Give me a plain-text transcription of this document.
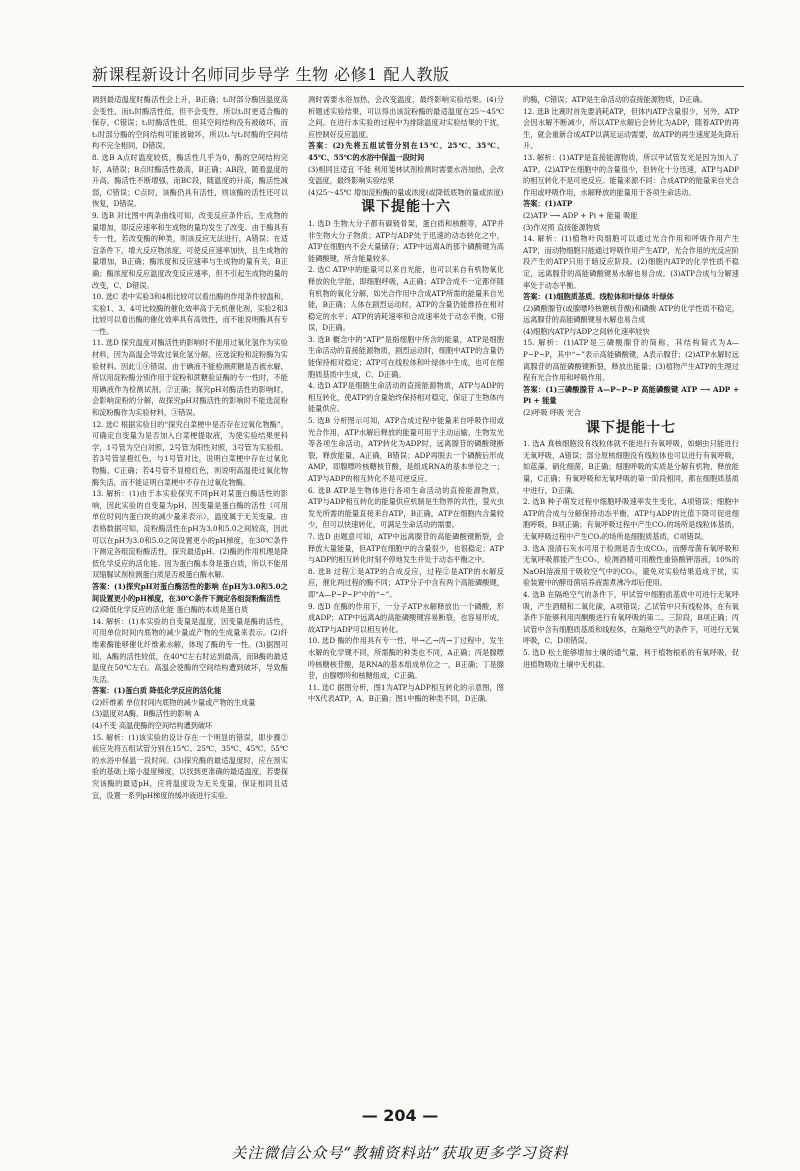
新课程新设计名师同步导学 生物 必修1 配人教版

调到最适温度时酶活性会上升，B正确；t₂时部分酶因温度高会变性，而t₁时酶活性低，但不会变性，所以t₁时更适合酶的保存，C错误；t₁时酶活性低，但其空间结构没有被破坏，而t₂时部分酶的空间结构可能被破坏，所以t₁与t₂时酶的空间结构不完全相同，D错误。

8. 选B A点时温度较低，酶活性几乎为0，酶的空间结构完好，A错误；B点时酶活性最高，B正确；AB段，随着温度的升高，酶活性不断增强，而BC段，随温度的升高，酶活性减弱，C错误；C点时，该酶仍具有活性，则该酶的活性还可以恢复，D错误。

9. 选B 对比图中两条曲线可知，改变反应条件后，生成物的量增加，即反应速率和生成物的量均发生了改变。由于酶具有专一性，若改变酶的种类，则该反应无法进行，A错误；在适宜条件下，增大反应物浓度，可使反应速率加快，且生成物的量增加，B正确；酶浓度和反应速率与生成物的量有关，B正确；酶浓度和反应温度改变反应速率，但不引起生成物的量的改变，C、D错误。

10. 选C 表中实验3和4相比较可以看出酶的作用条件较温和，实验1、3、4可比较酶的催化效率高于无机催化剂，实验2和3比较可以看出酶的催化效率具有高效性，而不能说明酶具有专一性。

11. 选D 探究温度对酶活性的影响时不能用过氧化氢作为实验材料，因为高温会导致过氧化氢分解，应选淀粉和淀粉酶为实验材料。因此①④错误。由于碘液不能检测蔗糖是否被水解，所以用淀粉酶分别作用于淀粉和蔗糖验证酶的专一性时，不能用碘液作为检测试剂。②正确；探究pH对酶活性的影响时，会影响淀粉的分解，故探究pH对酶活性的影响时不能选淀粉和淀粉酶作为实验材料，③错误。

12. 选C 根据实验目的“探究白菜梗中是否存在过氧化物酶”，可确定自变量为是否加入白菜梗提取液，为使实验结果更科学，1号管为空白对照，2号管为阳性对照，3号管为实验组。若3号管显橙红色，与1号管对比，说明白菜梗中存在过氧化物酶，C正确；若4号管不显橙红色，则说明高温使过氧化物酶失活，而不能证明白菜梗中不存在过氧化物酶。

13. 解析：(1)由于本实验探究不同pH对某蛋白酶活性的影响，因此实验的自变量为pH，因变量是蛋白酶的活性（可用单位时间内蛋白块的减少量来表示），温度属于无关变量。由表格数据可知，淀粉酶活性在pH为3.0和5.0之间较高，因此可以在pH为3.0和5.0之间设置更小的pH梯度，在30℃条件下测定各组淀粉酶活性，探究最适pH。(2)酶的作用机理是降低化学反应的活化能。因为蛋白酶本身是蛋白质，所以不能用双缩脲试剂检测蛋白质是否被蛋白酶水解。

答案：(1)探究pH对蛋白酶活性的影响 在pH为3.0和5.0之间设置更小的pH梯度，在30℃条件下测定各组淀粉酶活性

(2)降低化学反应的活化能 蛋白酶的本质是蛋白质

14. 解析：(1)本实验的自变量是温度，因变量是酶的活性，可用单位时间内底物的减少量或产物的生成量来表示。(2)纤维素酶能够催化纤维素水解，体现了酶的专一性。(3)据图可知，A酶的活性较低，在40℃左右时达到最高，而B酶的最适温度在50℃左右。高温会使酶的空间结构遭到破坏，导致酶失活。

答案：(1)蛋白质 降低化学反应的活化能

(2)纤维素 单位时间内底物的减少量或产物的生成量

(3)温度对A酶、B酶活性的影响 A

(4)不变 高温使酶的空间结构遭到破坏

15. 解析：(1)该实验的设计存在一个明显的错误，即步骤②前应先将五组试管分别在15℃、25℃、35℃、45℃、55℃的水浴中保温一段时间。(3)探究酶的最适温度时，应在预实验的基础上缩小温度梯度，以找到更准确的最适温度，若要探究该酶的最适pH，应将温度设为无关变量，保证相同且适宜，设置一系列pH梯度的缓冲液进行实验。

测时需要水浴加热，会改变温度，最终影响实验结果。(4)分析题述实验结果，可以得出该淀粉酶的最适温度在25～45℃之间。在进行本实验的过程中为排除温度对实验结果的干扰，应控制好反应温度。

答案：(2)先将五组试管分别在15℃、25℃、35℃、45℃、55℃的水浴中保温一段时间

(3)相同且适宜 不能 利用斐林试剂检测时需要水浴加热，会改变温度，最终影响实验结果

(4)25～45℃ 增加淀粉酶的量或浓度(或降低底物的量或浓度)

课下提能十六

1. 选D 生物大分子都有碳链骨架，蛋白质和核酸等，ATP并非生物大分子物质；ATP与ADP处于迅速的动态转化之中，ATP在细胞内不会大量储存；ATP中远离A的那个磷酸键为高能磷酸键，所含能量较多。

2. 选C ATP中的能量可以来自光能，也可以来自有机物氧化释放的化学能，即细胞呼吸，A正确；ATP合成不一定都伴随有机物的氧化分解，如光合作用中合成ATP所需的能量来自光能，B正确；人体在剧烈运动时，ATP的含量仍能维持在相对稳定的水平；ATP的消耗速率和合成速率处于动态平衡，C错误，D正确。

3. 选B 概念中的“ATP”是指细胞中所含的能量，ATP是细胞生命活动的直接能源物质，剧烈运动时，细胞中ATP的含量仍能保持相对稳定；ATP可在线粒体和叶绿体中生成，也可在细胞质基质中生成，C、D正确。

4. 选D ATP是细胞生命活动的直接能源物质，ATP与ADP的相互转化，使ATP的含量始终保持相对稳定，保证了生物体内能量供应。

5. 选B 分析图示可知，ATP合成过程中能量来自呼吸作用或光合作用，ATP水解后释放的能量可用于主动运输、生物发光等各项生命活动，ATP转化为ADP时，远离腺苷的磷酸键断裂，释放能量，A正确，B错误；ADP再脱去一个磷酸后形成AMP，即腺嘌呤核糖核苷酸，是组成RNA的基本单位之一；ATP与ADP的相互转化不是可逆反应。

6. 选B ATP是生物体进行各项生命活动的直接能源物质，ATP与ADP相互转化的能量供应机制是生物界的共性，萤火虫发光所需的能量直接来自ATP，B正确，ATP在细胞内含量较少，但可以快速转化，可满足生命活动的需要。

7. 选D 由题意可知，ATP中远离腺苷的高能磷酸键断裂，会释放大量能量，但ATP在细胞中的含量很少，也很稳定；ATP与ADP的相互转化时刻不停地发生并处于动态平衡之中。

8. 选B 过程①是ATP的合成反应，过程②是ATP的水解反应，催化两过程的酶不同；ATP分子中含有两个高能磷酸键，即“A—P~P~P”中的“~”。

9. 选D 在酶的作用下，一分子ATP水解释放出一个磷酸，形成ADP；ATP中远离A的高能磷酸键容易断裂，也容易形成，故ATP与ADP可以相互转化。

10. 选D 酶的作用具有专一性，甲→乙→丙→丁过程中，发生水解的化学键不同，所需酶的种类也不同，A正确；丙是腺嘌呤核糖核苷酸，是RNA的基本组成单位之一，B正确；丁是腺苷，由腺嘌呤和核糖组成，C正确。

11. 选C 据图分析，图1为ATP与ADP相互转化的示意图，图中X代表ATP，A、B正确；图1中酶的种类不同，D正确。

的酶，C错误；ATP是生命活动的直接能源物质，D正确。

12. 选B 比赛时首先要消耗ATP，但体内ATP含量很少，另外，ATP会因水解不断减少，所以ATP水解后会转化为ADP，随着ATP的再生，就会重新合成ATP以满足运动需要，故ATP的再生速度是先降后升。

13. 解析：(1)ATP是直接能源物质，所以甲试管发光是因为加入了ATP。(2)ATP在细胞中的含量很少，但转化十分迅速，ATP与ADP的相互转化不是可逆反应。能量来源不同：合成ATP的能量来自光合作用或呼吸作用，水解释放的能量用于各项生命活动。

答案：(1)ATP

(2)ATP ⟶ ADP + Pi + 能量 吸能

(3)作对照 直接能源物质

14. 解析：(1)植物叶肉细胞可以通过光合作用和呼吸作用产生ATP，而动物细胞只能通过呼吸作用产生ATP，光合作用的光反应阶段产生的ATP只用于暗反应阶段。(2)细胞内ATP的化学性质不稳定，远离腺苷的高能磷酸键易水解也易合成。(3)ATP合成与分解速率处于动态平衡。

答案：(1)细胞质基质、线粒体和叶绿体 叶绿体

(2)磷酸腺苷(或腺嘌呤核糖核苷酸)和磷酸 ATP的化学性质不稳定，远离腺苷的高能磷酸键易水解也易合成

(4)细胞内ATP与ADP之间转化速率较快

15. 解析：(1)ATP是三磷酸腺苷的简称，其结构简式为A—P~P~P，其中“~”表示高能磷酸键，A表示腺苷；(2)ATP水解时远离腺苷的高能磷酸键断裂，释放出能量；(3)植物产生ATP的生理过程有光合作用和呼吸作用。

答案：(1)三磷酸腺苷 A—P~P~P 高能磷酸键 ATP ⟶ ADP + Pi + 能量

(2)呼吸 呼吸 光合

课下提能十七

1. 选A 真核细胞没有线粒体就不能进行有氧呼吸，如蛔虫只能进行无氧呼吸，A错误；部分原核细胞没有线粒体也可以进行有氧呼吸，如蓝藻、硝化细菌，B正确；细胞呼吸的实质是分解有机物，释放能量，C正确；有氧呼吸和无氧呼吸的第一阶段相同，都在细胞质基质中进行，D正确。

2. 选B 种子萌发过程中细胞呼吸速率发生变化，A项错误；细胞中ATP的合成与分解保持动态平衡，ATP与ADP的比值下降可促进细胞呼吸，B项正确；有氧呼吸过程中产生CO₂的场所是线粒体基质，无氧呼吸过程中产生CO₂的场所是细胞质基质，C项错误。

3. 选A 澄清石灰水可用于检测是否生成CO₂，而酵母菌有氧呼吸和无氧呼吸都能产生CO₂，检测酒精可用酸性重铬酸钾溶液，10%的NaOH溶液用于吸收空气中的CO₂，避免对实验结果造成干扰，实验装置中的酵母菌培养液需煮沸冷却后使用。

4. 选B 在隔绝空气的条件下，甲试管中细胞质基质中可进行无氧呼吸，产生酒精和二氧化碳，A项错误；乙试管中只有线粒体，在有氧条件下能够利用丙酮酸进行有氧呼吸的第二、三阶段，B项正确；丙试管中含有细胞质基质和线粒体，在隔绝空气的条件下，可进行无氧呼吸，C、D项错误。

5. 选D 松土能够增加土壤的通气量，利于植物根系的有氧呼吸，促进植物吸收土壤中无机盐。

— 204 —
关注微信公众号“教辅资料站”获取更多学习资料
